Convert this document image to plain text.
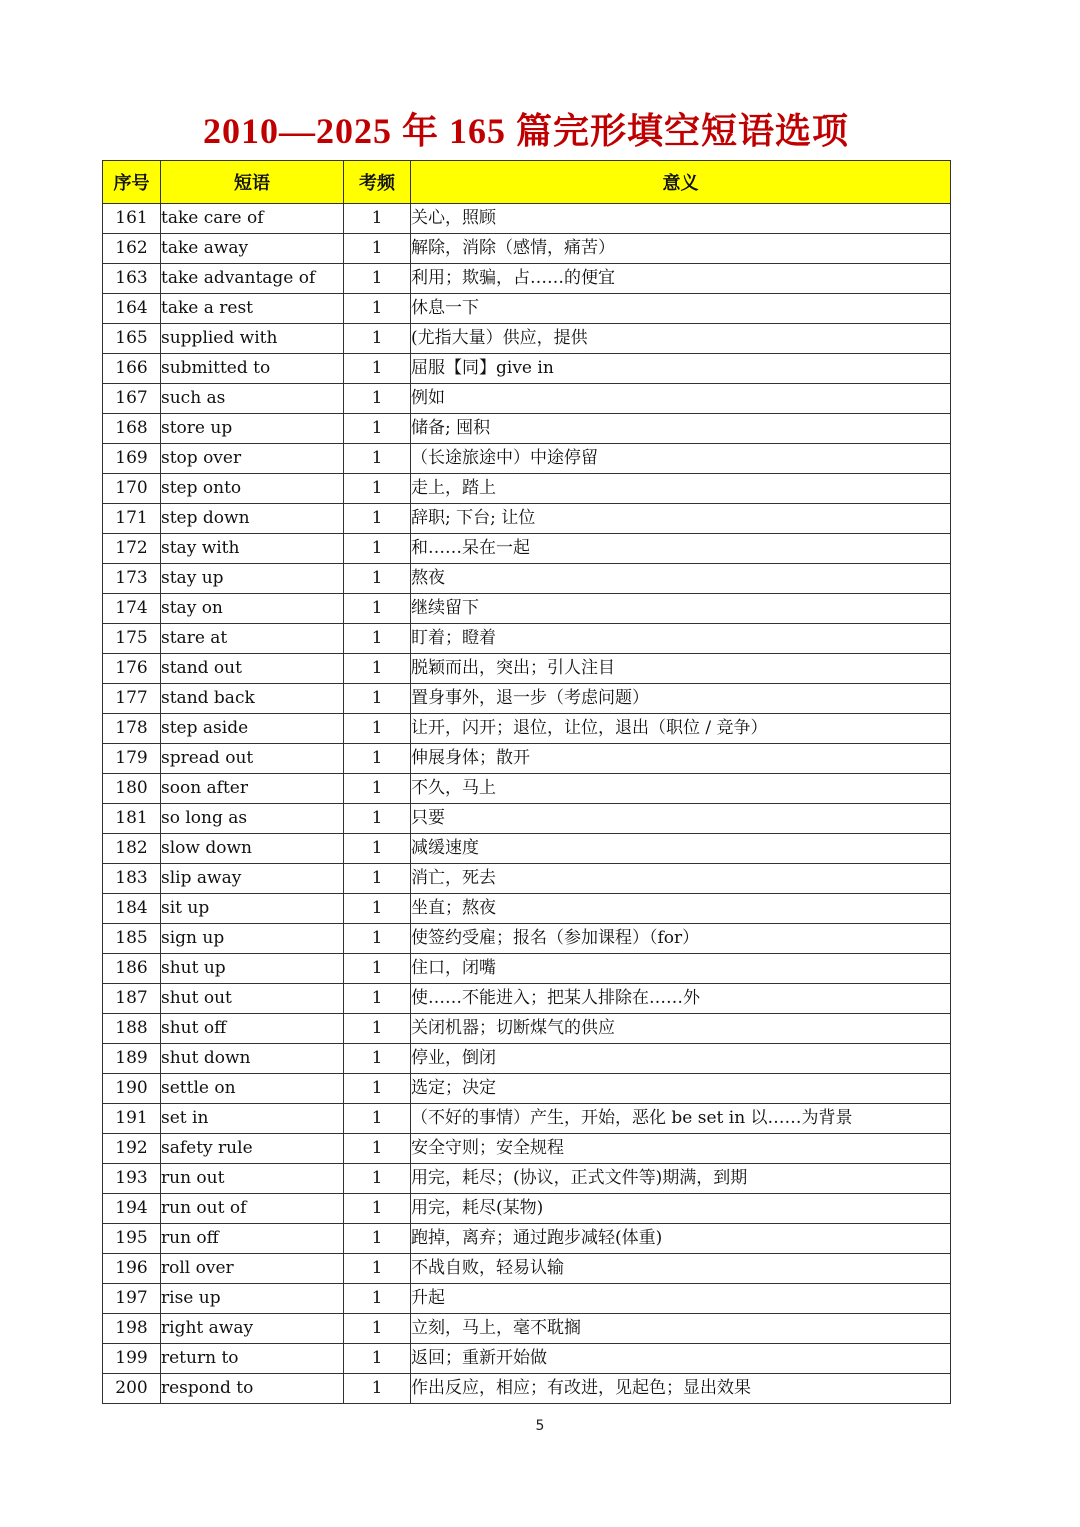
2010—2025 年 165 篇完形填空短语选项
序号	短语	考频	意义
161	take care of	1	关心，照顾
162	take away	1	解除，消除（感情，痛苦）
163	take advantage of	1	利用；欺骗，占……的便宜
164	take a rest	1	休息一下
165	supplied with	1	(尤指大量）供应，提供
166	submitted to	1	屈服【同】give in
167	such as	1	例如
168	store up	1	储备; 囤积
169	stop over	1	（长途旅途中）中途停留
170	step onto	1	走上，踏上
171	step down	1	辞职; 下台; 让位
172	stay with	1	和……呆在一起
173	stay up	1	熬夜
174	stay on	1	继续留下
175	stare at	1	盯着；瞪着
176	stand out	1	脱颖而出，突出；引人注目
177	stand back	1	置身事外，退一步（考虑问题）
178	step aside	1	让开，闪开；退位，让位，退出（职位 / 竞争）
179	spread out	1	伸展身体；散开
180	soon after	1	不久，马上
181	so long as	1	只要
182	slow down	1	减缓速度
183	slip away	1	消亡，死去
184	sit up	1	坐直；熬夜
185	sign up	1	使签约受雇；报名（参加课程）（for）
186	shut up	1	住口，闭嘴
187	shut out	1	使……不能进入；把某人排除在……外
188	shut off	1	关闭机器；切断煤气的供应
189	shut down	1	停业，倒闭
190	settle on	1	选定；决定
191	set in	1	（不好的事情）产生，开始，恶化 be set in 以……为背景
192	safety rule	1	安全守则；安全规程
193	run out	1	用完，耗尽；(协议，正式文件等)期满，到期
194	run out of	1	用完，耗尽(某物)
195	run off	1	跑掉，离弃；通过跑步减轻(体重)
196	roll over	1	不战自败，轻易认输
197	rise up	1	升起
198	right away	1	立刻，马上，毫不耽搁
199	return to	1	返回；重新开始做
200	respond to	1	作出反应，相应；有改进，见起色；显出效果
5
